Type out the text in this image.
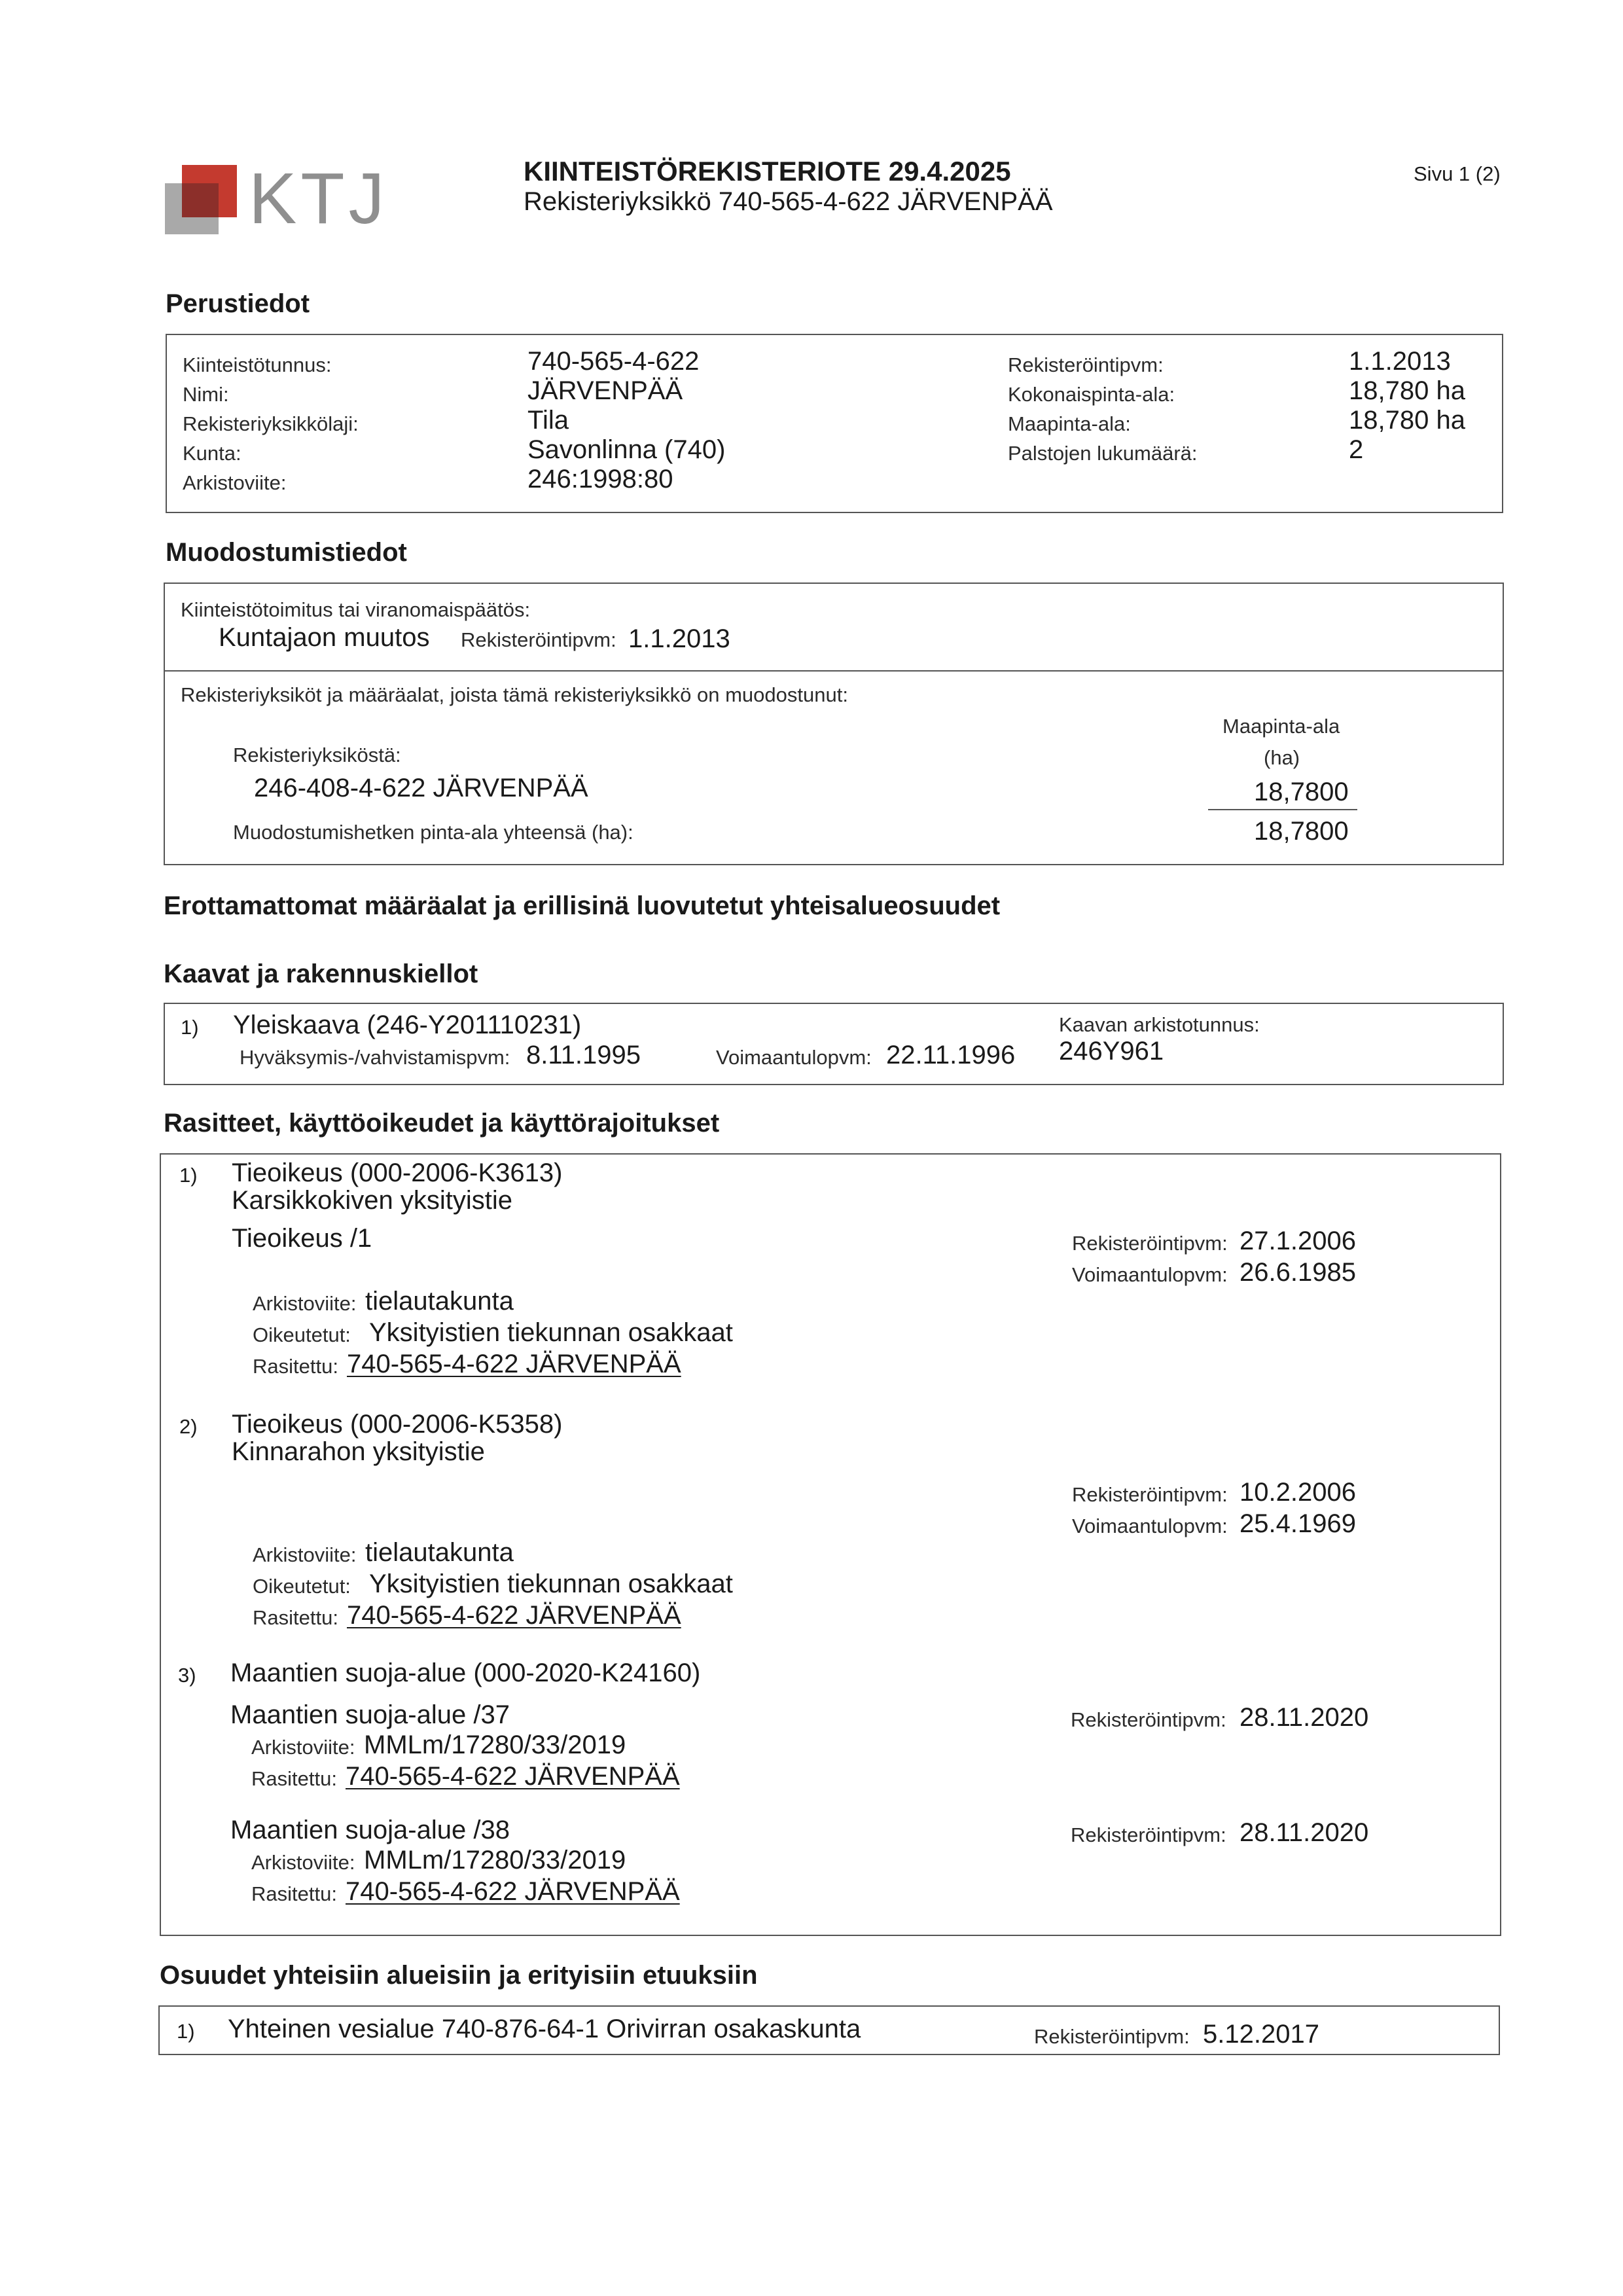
KTJ	KIINTEISTÖREKISTERIOTE 29.4.2025
Rekisteriyksikkö 740-565-4-622 JÄRVENPÄÄ
Sivu 1 (2)
Perustiedot
Kiinteistötunnus:	740-565-4-622
Nimi:	JÄRVENPÄÄ
Rekisteriyksikkölaji:	Tila
Kunta:	Savonlinna (740)
Arkistoviite:	246:1998:80
Rekisteröintipvm:	1.1.2013
Kokonaispinta-ala:	18,780 ha
Maapinta-ala:	18,780 ha
Palstojen lukumäärä:	2
Muodostumistiedot
Kiinteistötoimitus tai viranomaispäätös:
Kuntajaon muutos Rekisteröintipvm: 1.1.2013
Rekisteriyksiköt ja määräalat, joista tämä rekisteriyksikkö on muodostunut:
Maapinta-ala
(ha)
Rekisteriyksiköstä:
246-408-4-622 JÄRVENPÄÄ	18,7800
Muodostumishetken pinta-ala yhteensä (ha):	18,7800
Erottamattomat määräalat ja erillisinä luovutetut yhteisalueosuudet
Kaavat ja rakennuskiellot
1) Yleiskaava (246-Y201110231)
Hyväksymis-/vahvistamispvm: 8.11.1995	Voimaantulopvm: 22.11.1996
Kaavan arkistotunnus:
246Y961
Rasitteet, käyttöoikeudet ja käyttörajoitukset
1) Tieoikeus (000-2006-K3613)
Karsikkokiven yksityistie
Tieoikeus /1	Rekisteröintipvm: 27.1.2006
Voimaantulopvm: 26.6.1985
Arkistoviite: tielautakunta
Oikeutetut: Yksityistien tiekunnan osakkaat
Rasitettu: 740-565-4-622 JÄRVENPÄÄ
2) Tieoikeus (000-2006-K5358)
Kinnarahon yksityistie
Rekisteröintipvm: 10.2.2006
Voimaantulopvm: 25.4.1969
Arkistoviite: tielautakunta
Oikeutetut: Yksityistien tiekunnan osakkaat
Rasitettu: 740-565-4-622 JÄRVENPÄÄ
3) Maantien suoja-alue (000-2020-K24160)
Maantien suoja-alue /37	Rekisteröintipvm: 28.11.2020
Arkistoviite: MMLm/17280/33/2019
Rasitettu: 740-565-4-622 JÄRVENPÄÄ
Maantien suoja-alue /38	Rekisteröintipvm: 28.11.2020
Arkistoviite: MMLm/17280/33/2019
Rasitettu: 740-565-4-622 JÄRVENPÄÄ
Osuudet yhteisiin alueisiin ja erityisiin etuuksiin
1) Yhteinen vesialue 740-876-64-1 Orivirran osakaskunta	Rekisteröintipvm: 5.12.2017
